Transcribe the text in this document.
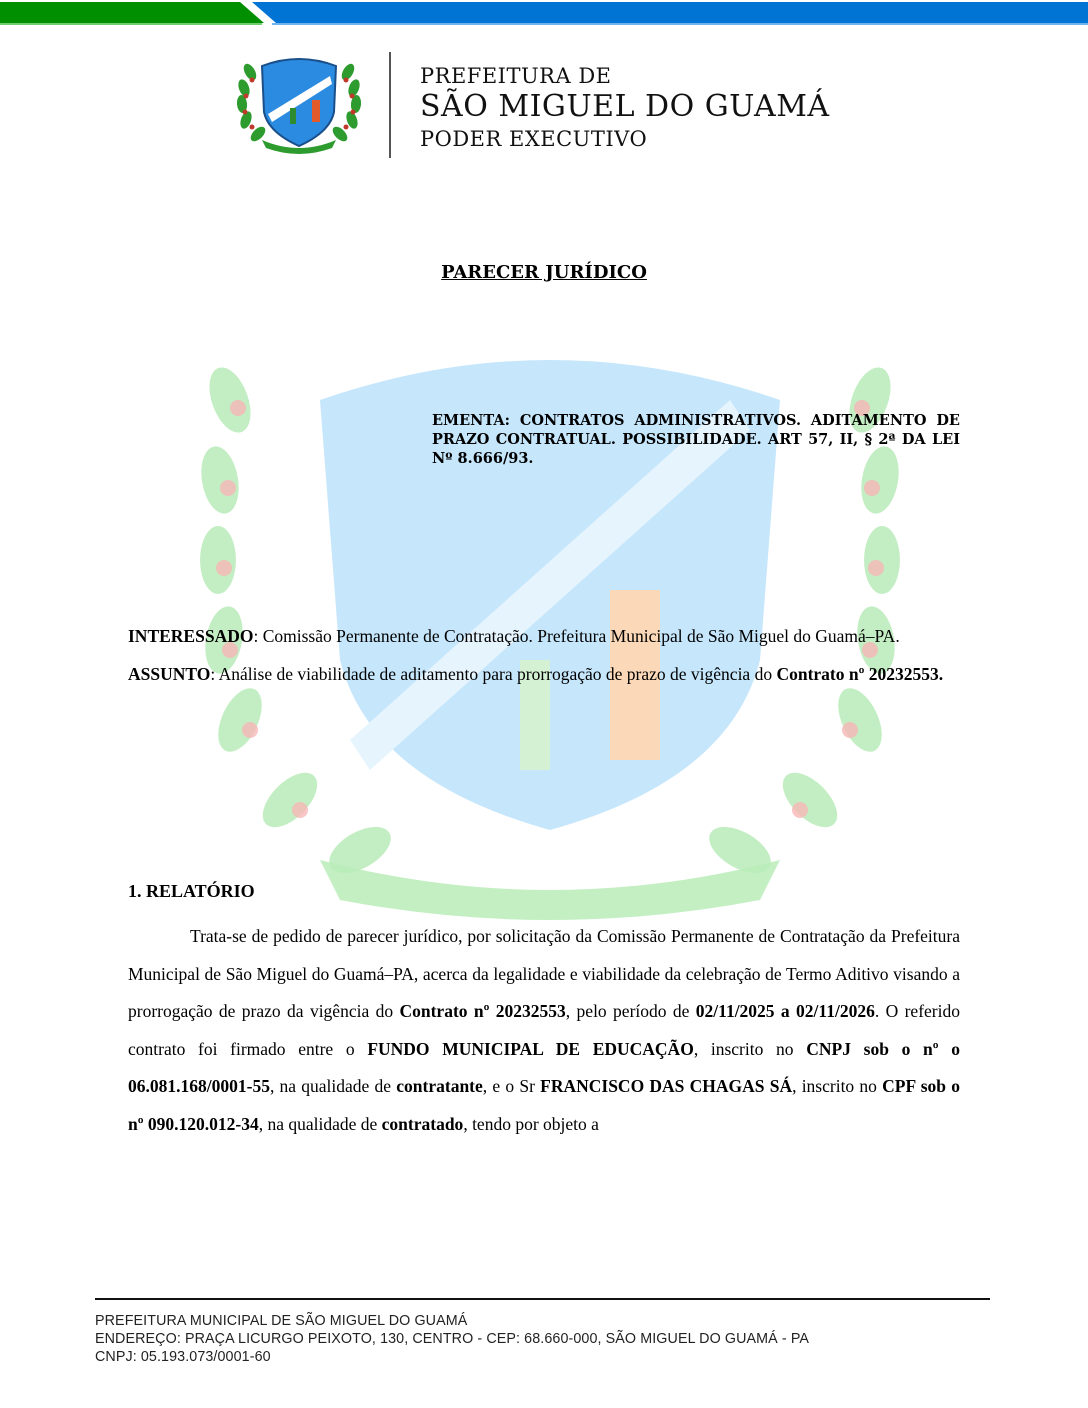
PREFEITURA DE
SÃO MIGUEL DO GUAMÁ
PODER EXECUTIVO
PARECER JURÍDICO
EMENTA: CONTRATOS ADMINISTRATIVOS. ADITAMENTO DE PRAZO CONTRATUAL. POSSIBILIDADE. ART 57, II, § 2ª DA LEI Nº 8.666/93.
INTERESSADO: Comissão Permanente de Contratação. Prefeitura Municipal de São Miguel do Guamá–PA.
ASSUNTO: Análise de viabilidade de aditamento para prorrogação de prazo de vigência do Contrato nº 20232553.
1. RELATÓRIO
Trata-se de pedido de parecer jurídico, por solicitação da Comissão Permanente de Contratação da Prefeitura Municipal de São Miguel do Guamá–PA, acerca da legalidade e viabilidade da celebração de Termo Aditivo visando a prorrogação de prazo da vigência do Contrato nº 20232553, pelo período de 02/11/2025 a 02/11/2026. O referido contrato foi firmado entre o FUNDO MUNICIPAL DE EDUCAÇÃO, inscrito no CNPJ sob o nº o 06.081.168/0001-55, na qualidade de contratante, e o Sr FRANCISCO DAS CHAGAS SÁ, inscrito no CPF sob o nº 090.120.012-34, na qualidade de contratado, tendo por objeto a
PREFEITURA MUNICIPAL DE SÃO MIGUEL DO GUAMÁ
ENDEREÇO: PRAÇA LICURGO PEIXOTO, 130, CENTRO - CEP: 68.660-000, SÃO MIGUEL DO GUAMÁ - PA
CNPJ: 05.193.073/0001-60
